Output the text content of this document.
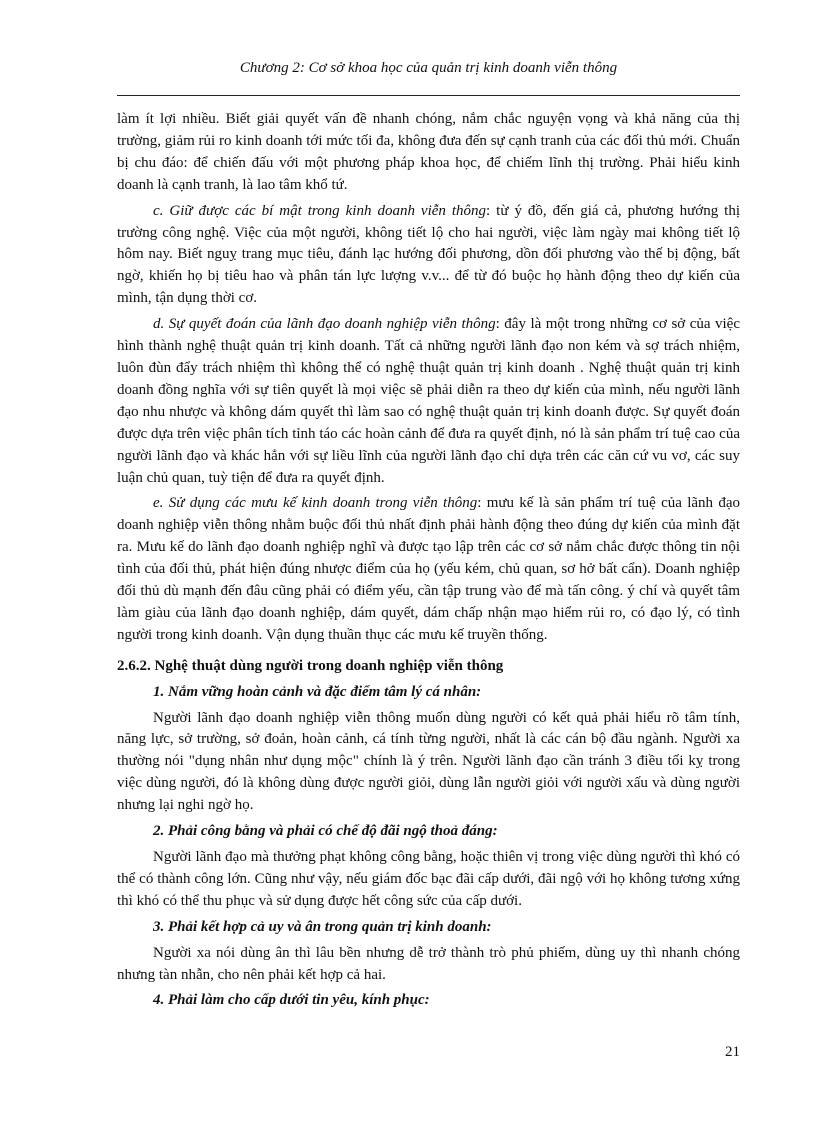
Chương 2: Cơ sở khoa học của quản trị kinh doanh viễn thông

làm ít lợi nhiều. Biết giải quyết vấn đề nhanh chóng, nắm chắc nguyện vọng và khả năng của thị trường, giảm rủi ro kinh doanh tới mức tối đa, không đưa đến sự cạnh tranh của các đối thủ mới. Chuẩn bị chu đáo: để chiến đấu với một phương pháp khoa học, để chiếm lĩnh thị trường. Phải hiểu kinh doanh là cạnh tranh, là lao tâm khổ tứ.

c. Giữ được các bí mật trong kinh doanh viễn thông: từ ý đồ, đến giá cả, phương hướng thị trường công nghệ. Việc của một người, không tiết lộ cho hai người, việc làm ngày mai không tiết lộ hôm nay. Biết nguỵ trang mục tiêu, đánh lạc hướng đối phương, dồn đối phương vào thế bị động, bất ngờ, khiến họ bị tiêu hao và phân tán lực lượng v.v... để từ đó buộc họ hành động theo dự kiến của mình, tận dụng thời cơ.

d. Sự quyết đoán của lãnh đạo doanh nghiệp viễn thông: đây là một trong những cơ sở của việc hình thành nghệ thuật quản trị kinh doanh. Tất cả những người lãnh đạo non kém và sợ trách nhiệm, luôn đùn đẩy trách nhiệm thì không thể có nghệ thuật quản trị kinh doanh . Nghệ thuật quản trị kinh doanh đồng nghĩa với sự tiên quyết là mọi việc sẽ phải diễn ra theo dự kiến của mình, nếu người lãnh đạo nhu nhược và không dám quyết thì làm sao có nghệ thuật quản trị kinh doanh được. Sự quyết đoán được dựa trên việc phân tích tỉnh táo các hoàn cảnh để đưa ra quyết định, nó là sản phẩm trí tuệ cao của người lãnh đạo và khác hẳn với sự liều lĩnh của người lãnh đạo chỉ dựa trên các căn cứ vu vơ, các suy luận chủ quan, tuỳ tiện để đưa ra quyết định.

e. Sử dụng các mưu kế kinh doanh trong viễn thông: mưu kế là sản phẩm trí tuệ của lãnh đạo doanh nghiệp viễn thông nhằm buộc đối thủ nhất định phải hành động theo đúng dự kiến của mình đặt ra. Mưu kế do lãnh đạo doanh nghiệp nghĩ và được tạo lập trên các cơ sở nắm chắc được thông tin nội tình của đối thủ, phát hiện đúng nhược điểm của họ (yếu kém, chủ quan, sơ hở bất cẩn). Doanh nghiệp đối thủ dù mạnh đến đâu cũng phải có điểm yếu, cần tập trung vào để mà tấn công. ý chí và quyết tâm làm giàu của lãnh đạo doanh nghiệp, dám quyết, dám chấp nhận mạo hiểm rủi ro, có đạo lý, có tình người trong kinh doanh. Vận dụng thuần thục các mưu kế truyền thống.

2.6.2. Nghệ thuật dùng người trong doanh nghiệp viễn thông

1. Nắm vững hoàn cảnh và đặc điểm tâm lý cá nhân:

Người lãnh đạo doanh nghiệp viễn thông muốn dùng người có kết quả phải hiểu rõ tâm tính, năng lực, sở trường, sở đoản, hoàn cảnh, cá tính từng người, nhất là các cán bộ đầu ngành. Người xa thường nói "dụng nhân như dụng mộc" chính là ý trên. Người lãnh đạo cần tránh 3 điều tối kỵ trong việc dùng người, đó là không dùng được người giỏi, dùng lẫn người giỏi với người xấu và dùng người nhưng lại nghi ngờ họ.

2. Phải công bằng và phải có chế độ đãi ngộ thoả đáng:

Người lãnh đạo mà thưởng phạt không công bằng, hoặc thiên vị trong việc dùng người thì khó có thể có thành công lớn. Cũng như vậy, nếu giám đốc bạc đãi cấp dưới, đãi ngộ với họ không tương xứng thì khó có thể thu phục và sử dụng được hết công sức của cấp dưới.

3. Phải kết hợp cả uy và ân trong quản trị kinh doanh:

Người xa nói dùng ân thì lâu bền nhưng dễ trở thành trò phủ phiếm, dùng uy thì nhanh chóng nhưng tàn nhẫn, cho nên phải kết hợp cả hai.

4. Phải làm cho cấp dưới tin yêu, kính phục:

21
